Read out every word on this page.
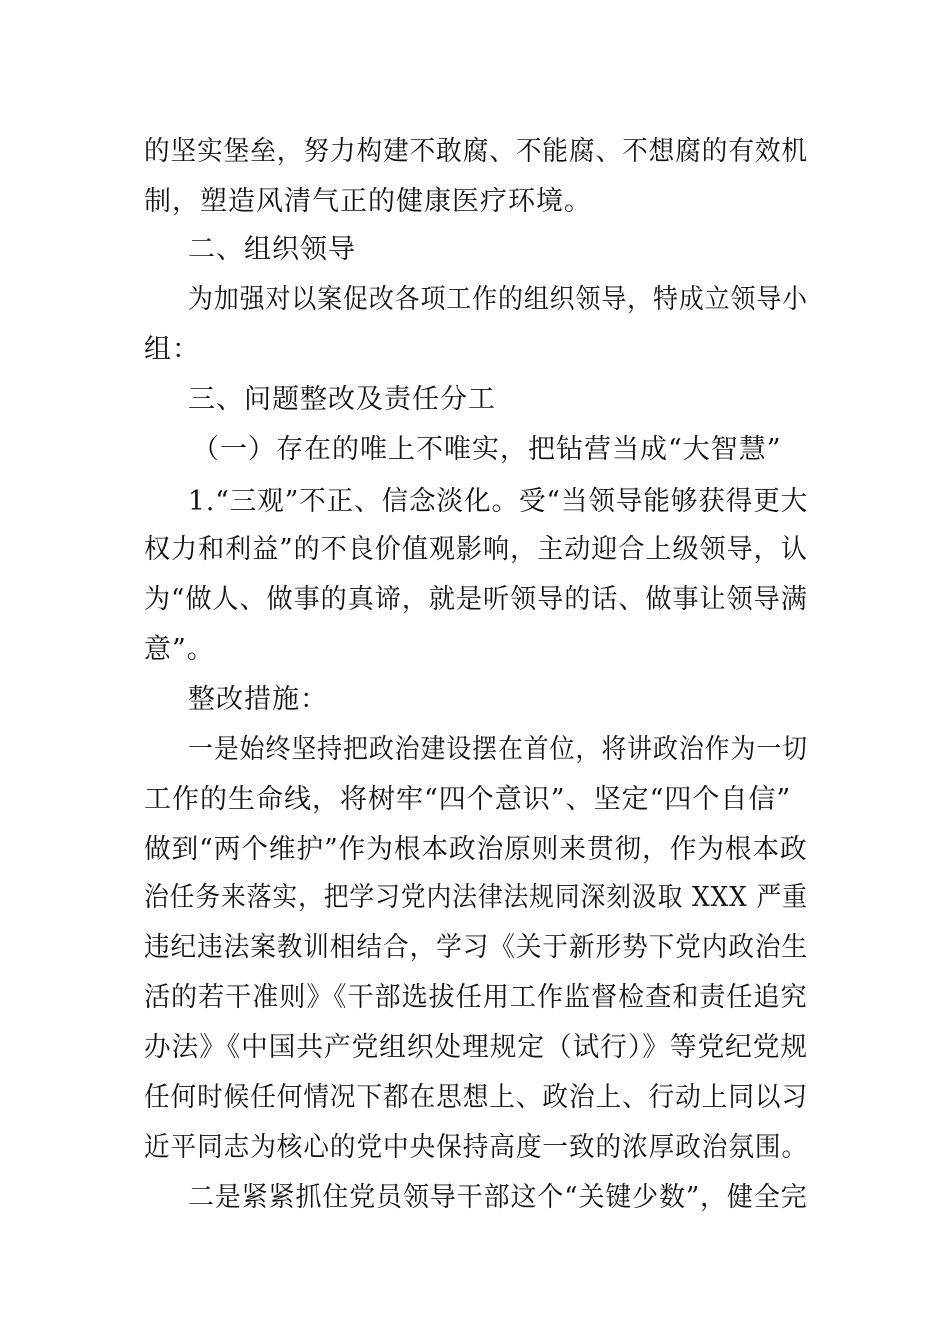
的坚实堡垒，努力构建不敢腐、不能腐、不想腐的有效机
制，塑造风清气正的健康医疗环境。
二、组织领导
为加强对以案促改各项工作的组织领导，特成立领导小
组：
三、问题整改及责任分工
（一）存在的唯上不唯实，把钻营当成“大智慧”
1.“三观”不正、信念淡化。受“当领导能够获得更大
权力和利益”的不良价值观影响，主动迎合上级领导，认
为“做人、做事的真谛，就是听领导的话、做事让领导满
意”。
整改措施：
一是始终坚持把政治建设摆在首位，将讲政治作为一切
工作的生命线，将树牢“四个意识”、坚定“四个自信”
做到“两个维护”作为根本政治原则来贯彻，作为根本政
治任务来落实，把学习党内法律法规同深刻汲取 XXX 严重
违纪违法案教训相结合，学习《关于新形势下党内政治生
活的若干准则》《干部选拔任用工作监督检查和责任追究
办法》《中国共产党组织处理规定（试行）》等党纪党规
任何时候任何情况下都在思想上、政治上、行动上同以习
近平同志为核心的党中央保持高度一致的浓厚政治氛围。
二是紧紧抓住党员领导干部这个“关键少数”，健全完
